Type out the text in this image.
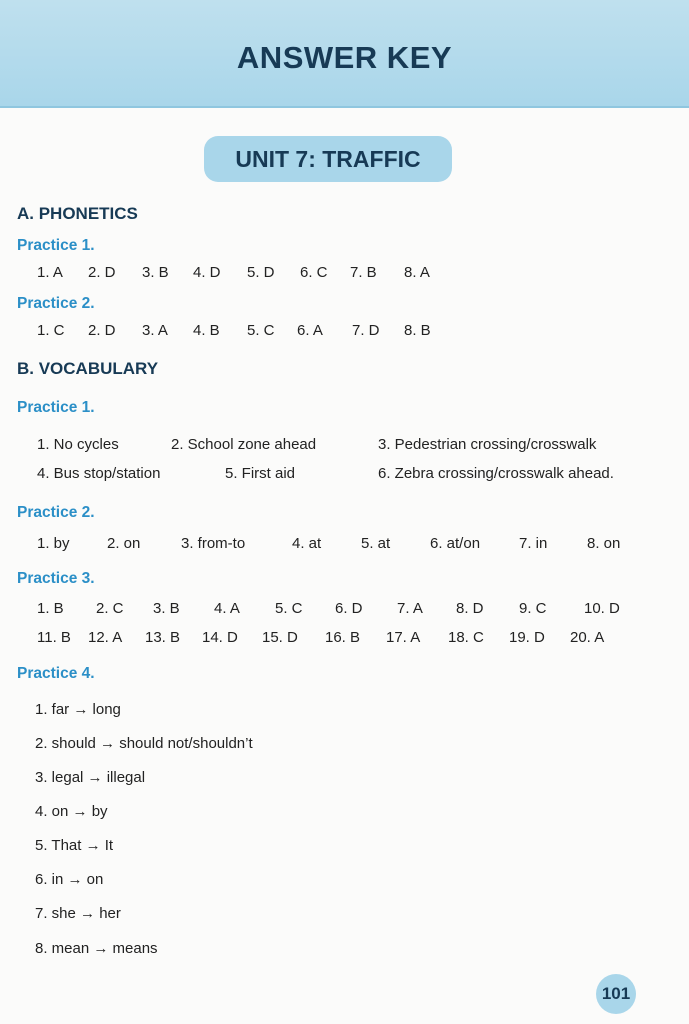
ANSWER KEY
UNIT 7: TRAFFIC
A. PHONETICS
Practice 1.
1. A 2. D 3. B 4. D 5. D 6. C 7. B 8. A
Practice 2.
1. C 2. D 3. A 4. B 5. C 6. A 7. D 8. B
B. VOCABULARY
Practice 1.
1. No cycles	2. School zone ahead	3. Pedestrian crossing/crosswalk
4. Bus stop/station	5. First aid	6. Zebra crossing/crosswalk ahead.
Practice 2.
1. by 2. on	3. from-to	4. at	5. at	6. at/on	7. in	8. on
Practice 3.
1. B 2. C 3. B 4. A 5. C 6. D 7. A 8. D 9. C 10. D
11. B 12. A 13. B 14. D 15. D 16. B 17. A 18. C 19. D 20. A
Practice 4.
1. far → long
2. should → should not/shouldn’t
3. legal → illegal
4. on → by
5. That → It
6. in → on
7. she → her
8. mean → means
101
